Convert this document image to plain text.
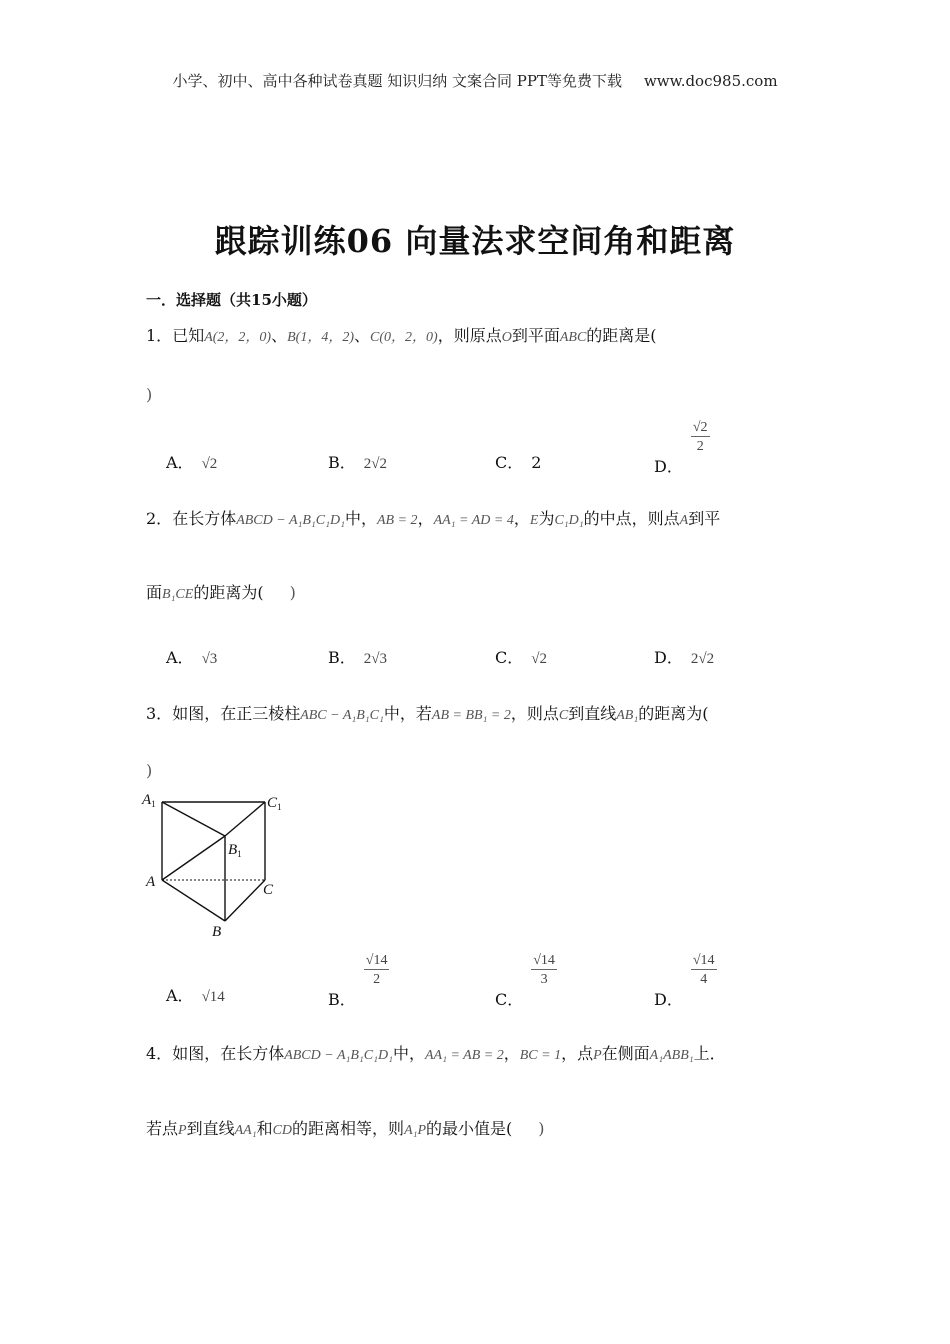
小学、初中、高中各种试卷真题 知识归纳 文案合同 PPT等免费下载 www.doc985.com
跟踪训练06 向量法求空间角和距离
一．选择题（共15小题）
1．已知A(2，2，0)、B(1，4，2)、C(0，2，0)，则原点O到平面ABC的距离是(
)
A． √2	B． 2√2	C． 2	D．
$\frac{√2}{2}$
2．在长方体ABCD − A₁B₁C₁D₁中，AB = 2，AA₁ = AD = 4，E为C₁D₁的中点，则点A到平
面B₁CE的距离为( )
A． √3	B． 2√3	C． √2	D． 2√2
3．如图，在正三棱柱ABC − A₁B₁C₁中，若AB = BB₁ = 2，则点C到直线AB₁的距离为(
)
$A_1$	$C_1$
$B_1$
A	C
B
A． √14	B．
$\frac{√14}{2}$
C．
$\frac{√14}{3}$
D．
$\frac{√14}{4}$
4．如图，在长方体ABCD − A₁B₁C₁D₁中，AA₁ = AB = 2，BC = 1，点P在侧面A₁ABB₁上．
若点P到直线AA₁和CD的距离相等，则A₁P的最小值是( )
